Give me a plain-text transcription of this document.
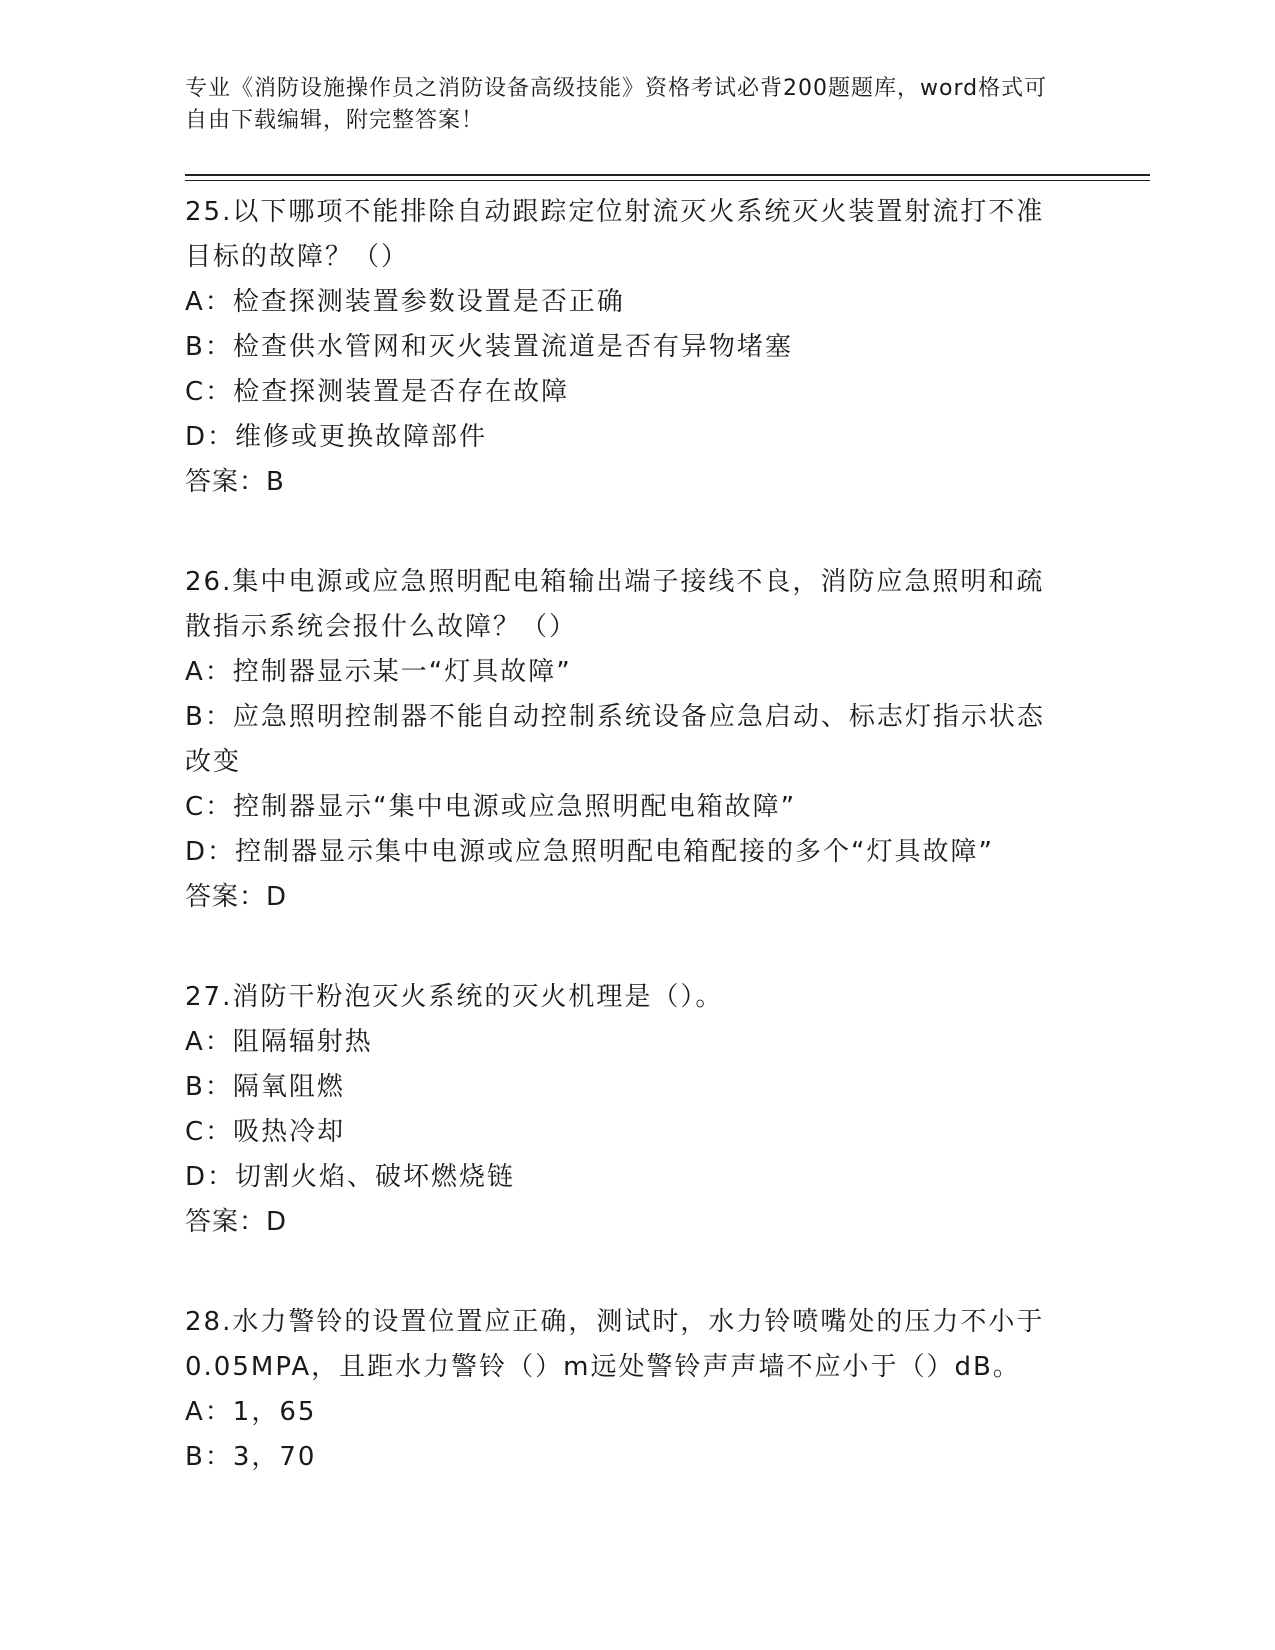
专业《消防设施操作员之消防设备高级技能》资格考试必背200题题库，word格式可自由下载编辑，附完整答案！

25.以下哪项不能排除自动跟踪定位射流灭火系统灭火装置射流打不准目标的故障？（）

A：检查探测装置参数设置是否正确

B：检查供水管网和灭火装置流道是否有异物堵塞

C：检查探测装置是否存在故障

D：维修或更换故障部件

答案：B

26.集中电源或应急照明配电箱输出端子接线不良，消防应急照明和疏散指示系统会报什么故障？（）

A：控制器显示某一“灯具故障”

B：应急照明控制器不能自动控制系统设备应急启动、标志灯指示状态改变

C：控制器显示“集中电源或应急照明配电箱故障”

D：控制器显示集中电源或应急照明配电箱配接的多个“灯具故障”

答案：D

27.消防干粉泡灭火系统的灭火机理是（）。

A：阻隔辐射热

B：隔氧阻燃

C：吸热冷却

D：切割火焰、破坏燃烧链

答案：D

28.水力警铃的设置位置应正确，测试时，水力铃喷嘴处的压力不小于0.05MPA，且距水力警铃（）m远处警铃声声墙不应小于（）dB。

A：1，65

B：3，70
